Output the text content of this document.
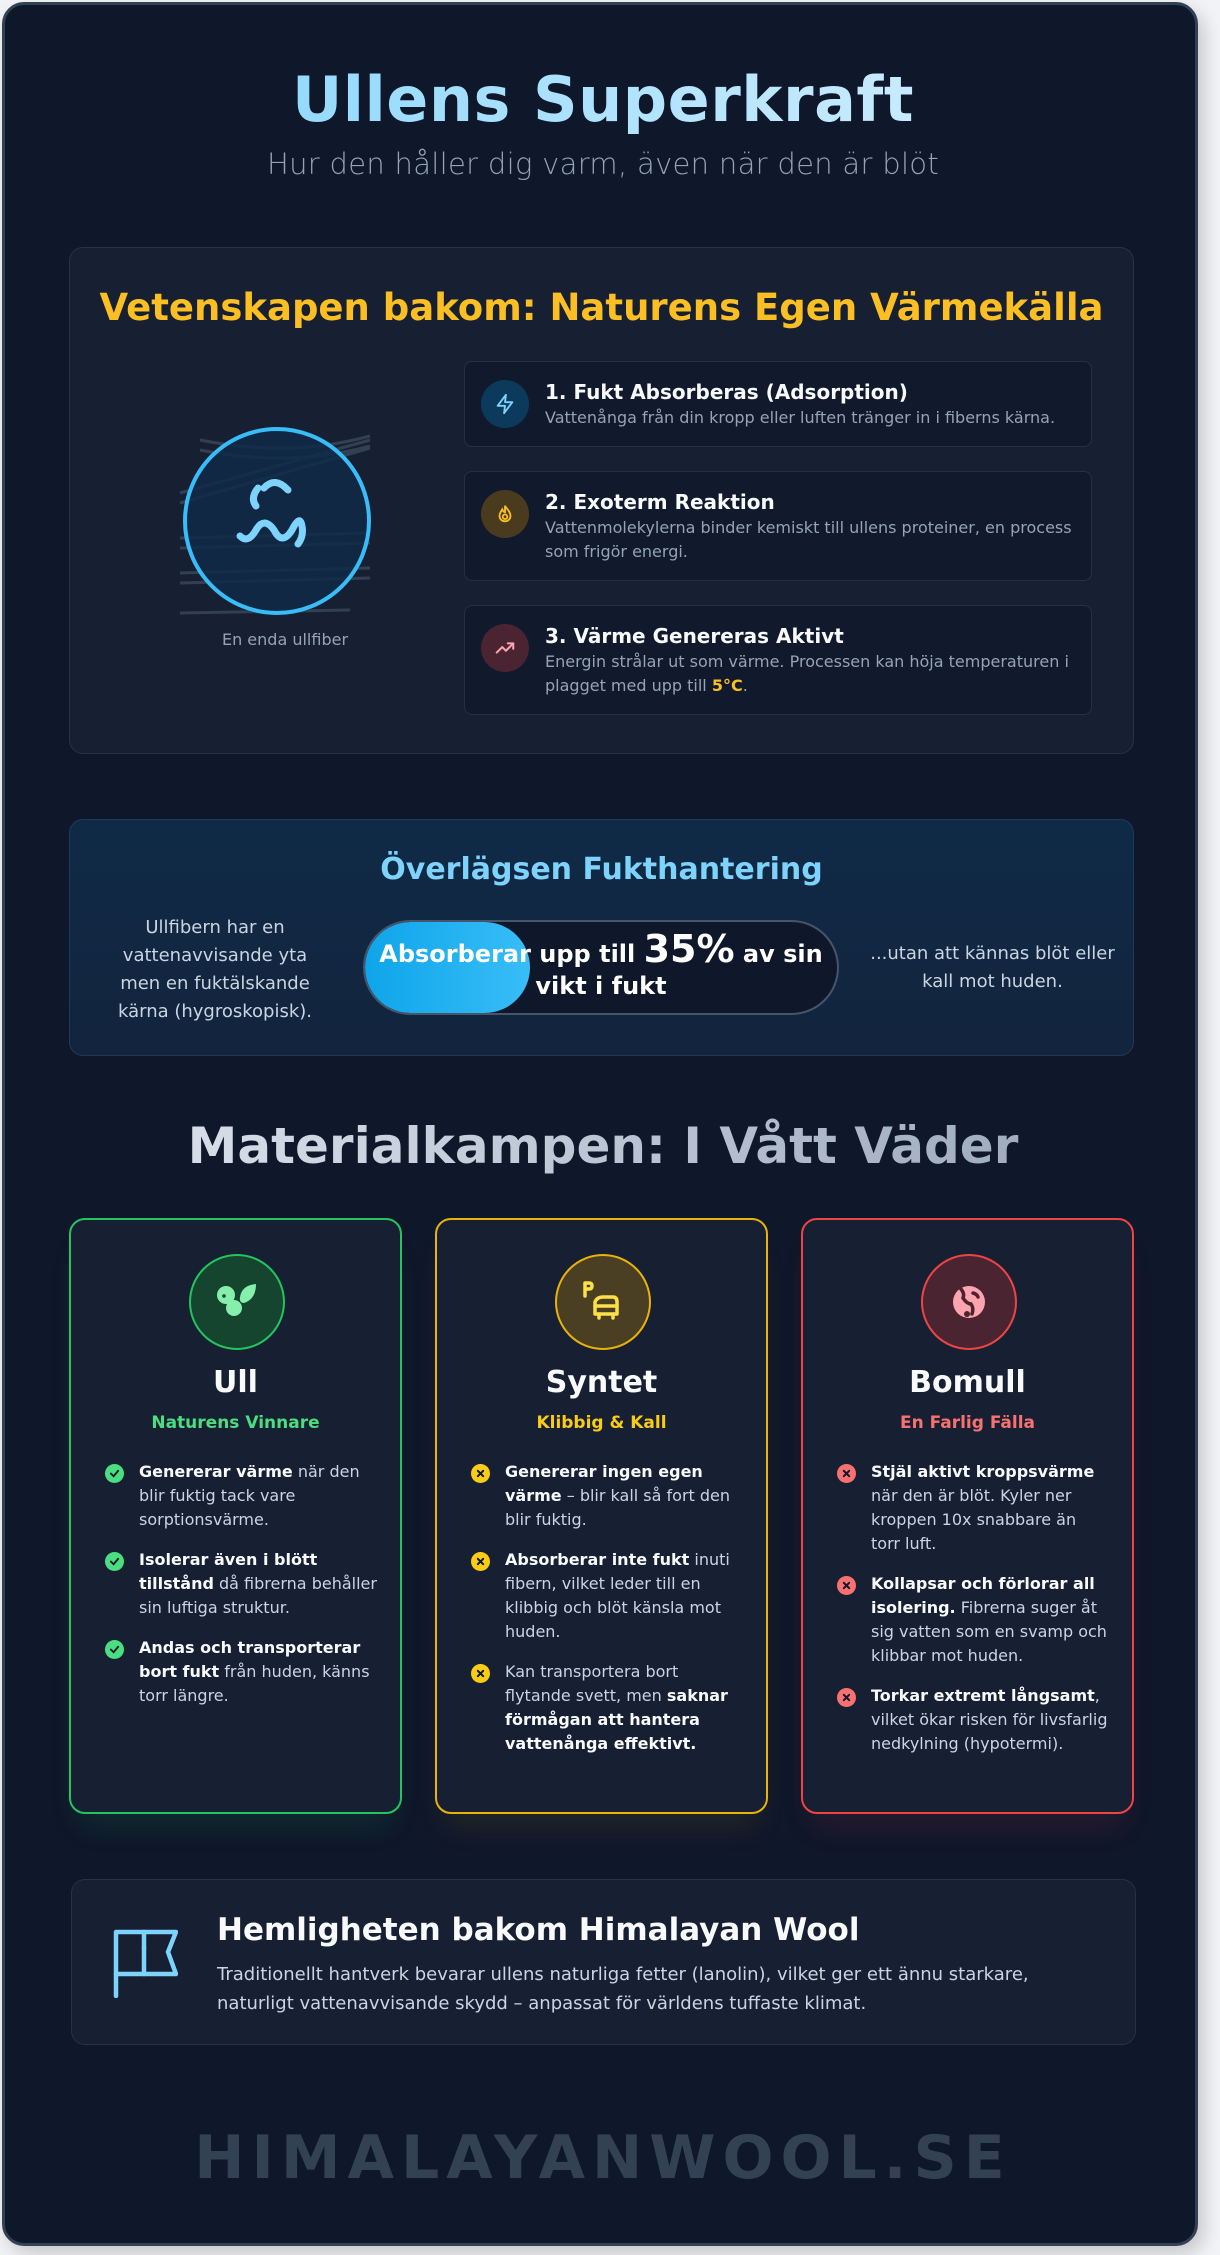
Ullens Superkraft
Hur den håller dig varm, även när den är blöt
Vetenskapen bakom: Naturens Egen Värmekälla
En enda ullfiber
1. Fukt Absorberas (Adsorption)
Vattenånga från din kropp eller luften tränger in i fiberns kärna.
2. Exoterm Reaktion
Vattenmolekylerna binder kemiskt till ullens proteiner, en process som frigör energi.
3. Värme Genereras Aktivt
Energin strålar ut som värme. Processen kan höja temperaturen i plagget med upp till 5°C.
Överlägsen Fukthantering
Ullfibern har en vattenavvisande yta men en fuktälskande kärna (hygroskopisk).
Absorberar upp till 35% av sin vikt i fukt
...utan att kännas blöt eller kall mot huden.
Materialkampen: I Vått Väder
Ull
Naturens Vinnare
Genererar värme när den blir fuktig tack vare sorptionsvärme.
Isolerar även i blött tillstånd då fibrerna behåller sin luftiga struktur.
Andas och transporterar bort fukt från huden, känns torr längre.
Syntet
Klibbig & Kall
Genererar ingen egen värme – blir kall så fort den blir fuktig.
Absorberar inte fukt inuti fibern, vilket leder till en klibbig och blöt känsla mot huden.
Kan transportera bort flytande svett, men saknar förmågan att hantera vattenånga effektivt.
Bomull
En Farlig Fälla
Stjäl aktivt kroppsvärme när den är blöt. Kyler ner kroppen 10x snabbare än torr luft.
Kollapsar och förlorar all isolering. Fibrerna suger åt sig vatten som en svamp och klibbar mot huden.
Torkar extremt långsamt, vilket ökar risken för livsfarlig nedkylning (hypotermi).
Hemligheten bakom Himalayan Wool
Traditionellt hantverk bevarar ullens naturliga fetter (lanolin), vilket ger ett ännu starkare, naturligt vattenavvisande skydd – anpassat för världens tuffaste klimat.
HIMALAYANWOOL.SE
